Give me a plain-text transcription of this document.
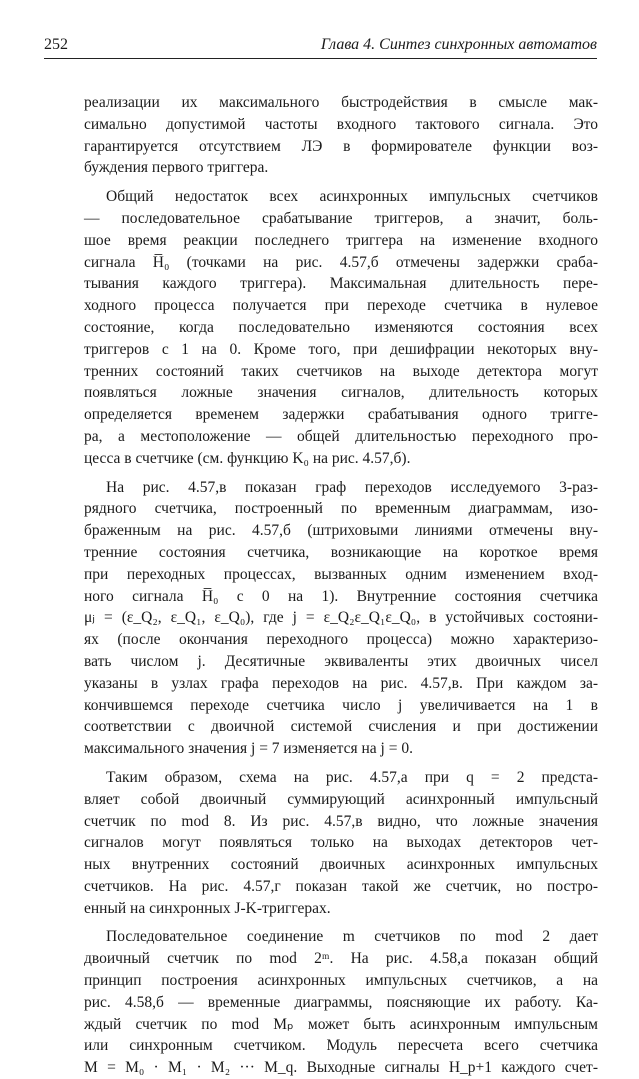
252	Глава 4. Синтез синхронных автоматов
реализации их максимального быстродействия в смысле мак-
симально допустимой частоты входного тактового сигнала. Это
гарантируется отсутствием ЛЭ в формирователе функции воз-
буждения первого триггера.
Общий недостаток всех асинхронных импульсных счетчиков
— последовательное срабатывание триггеров, а значит, боль-
шое время реакции последнего триггера на изменение входного
сигнала H̅₀ (точками на рис. 4.57,б отмечены задержки сраба-
тывания каждого триггера). Максимальная длительность пере-
ходного процесса получается при переходе счетчика в нулевое
состояние, когда последовательно изменяются состояния всех
триггеров с 1 на 0. Кроме того, при дешифрации некоторых вну-
тренних состояний таких счетчиков на выходе детектора могут
появляться ложные значения сигналов, длительность которых
определяется временем задержки срабатывания одного тригге-
ра, а местоположение — общей длительностью переходного про-
цесса в счетчике (см. функцию K₀ на рис. 4.57,б).
На рис. 4.57,в показан граф переходов исследуемого 3-раз-
рядного счетчика, построенный по временным диаграммам, изо-
браженным на рис. 4.57,б (штриховыми линиями отмечены вну-
тренние состояния счетчика, возникающие на короткое время
при переходных процессах, вызванных одним изменением вход-
ного сигнала H̅₀ с 0 на 1). Внутренние состояния счетчика
μⱼ = (ε_Q₂, ε_Q₁, ε_Q₀), где j = ε_Q₂ε_Q₁ε_Q₀, в устойчивых состояни-
ях (после окончания переходного процесса) можно характеризо-
вать числом j. Десятичные эквиваленты этих двоичных чисел
указаны в узлах графа переходов на рис. 4.57,в. При каждом за-
кончившемся переходе счетчика число j увеличивается на 1 в
соответствии с двоичной системой счисления и при достижении
максимального значения j = 7 изменяется на j = 0.
Таким образом, схема на рис. 4.57,а при q = 2 предста-
вляет собой двоичный суммирующий асинхронный импульсный
счетчик по mod 8. Из рис. 4.57,в видно, что ложные значения
сигналов могут появляться только на выходах детекторов чет-
ных внутренних состояний двоичных асинхронных импульсных
счетчиков. На рис. 4.57,г показан такой же счетчик, но постро-
енный на синхронных J-K-триггерах.
Последовательное соединение m счетчиков по mod 2 дает
двоичный счетчик по mod 2ᵐ. На рис. 4.58,а показан общий
принцип построения асинхронных импульсных счетчиков, а на
рис. 4.58,б — временные диаграммы, поясняющие их работу. Ка-
ждый счетчик по mod Mₚ может быть асинхронным импульсным
или синхронным счетчиком. Модуль пересчета всего счетчика
M = M₀ · M₁ · M₂ ··· M_q. Выходные сигналы H_p+1 каждого счет-
